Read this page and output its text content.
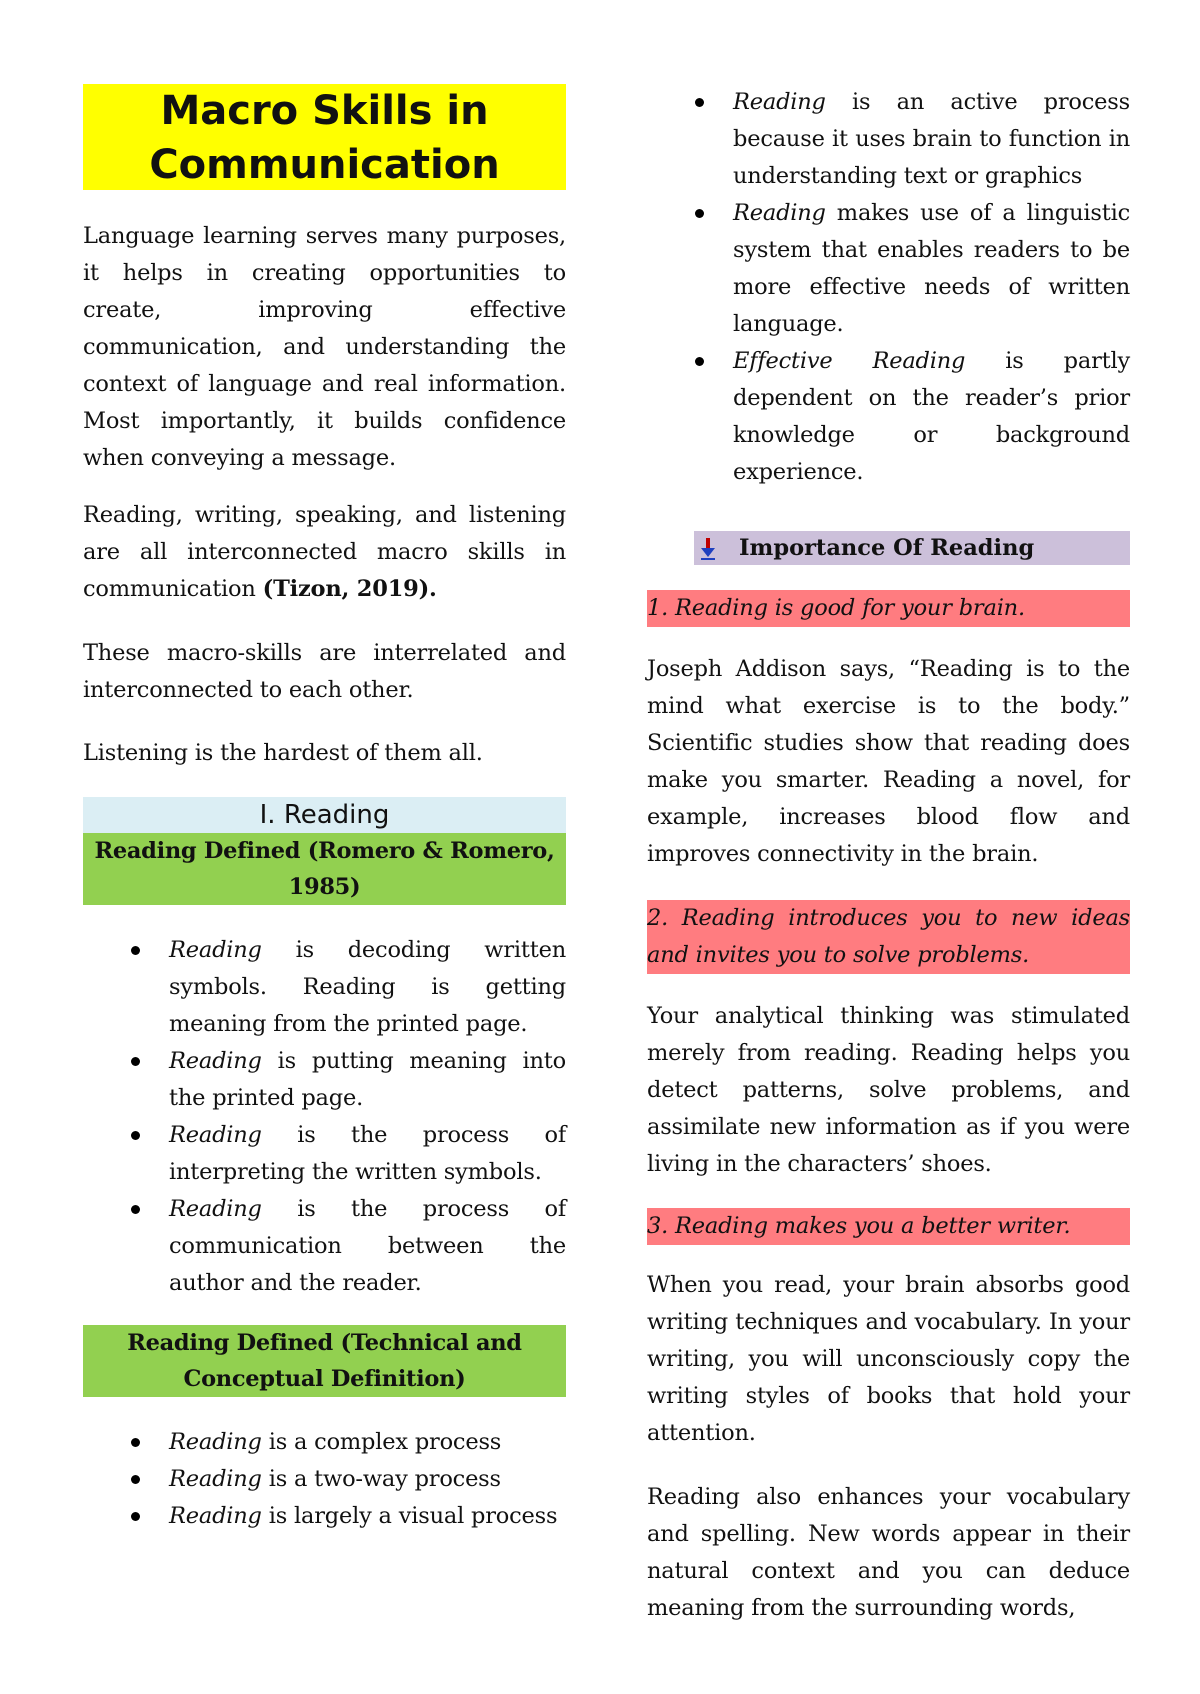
Macro Skills in
Communication

Language learning serves many purposes, it helps in creating opportunities to create, improving effective communication, and understanding the context of language and real information. Most importantly, it builds confidence when conveying a message.

Reading, writing, speaking, and listening are all interconnected macro skills in communication (Tizon, 2019).

These macro-skills are interrelated and interconnected to each other.

Listening is the hardest of them all.

I. Reading
Reading Defined (Romero & Romero, 1985)
Reading is decoding written symbols. Reading is getting meaning from the printed page.
Reading is putting meaning into the printed page.
Reading is the process of interpreting the written symbols.
Reading is the process of communication between the author and the reader.
Reading Defined (Technical and Conceptual Definition)
Reading is a complex process
Reading is a two-way process
Reading is largely a visual process
Reading is an active process because it uses brain to function in understanding text or graphics
Reading makes use of a linguistic system that enables readers to be more effective needs of written language.
Effective Reading is partly dependent on the reader’s prior knowledge or background experience.
Importance Of Reading
1. Reading is good for your brain.

Joseph Addison says, “Reading is to the mind what exercise is to the body.” Scientific studies show that reading does make you smarter. Reading a novel, for example, increases blood flow and improves connectivity in the brain.

2. Reading introduces you to new ideas and invites you to solve problems.

Your analytical thinking was stimulated merely from reading. Reading helps you detect patterns, solve problems, and assimilate new information as if you were living in the characters’ shoes.

3. Reading makes you a better writer.

When you read, your brain absorbs good writing techniques and vocabulary. In your writing, you will unconsciously copy the writing styles of books that hold your attention.

Reading also enhances your vocabulary and spelling. New words appear in their natural context and you can deduce meaning from the surrounding words,
